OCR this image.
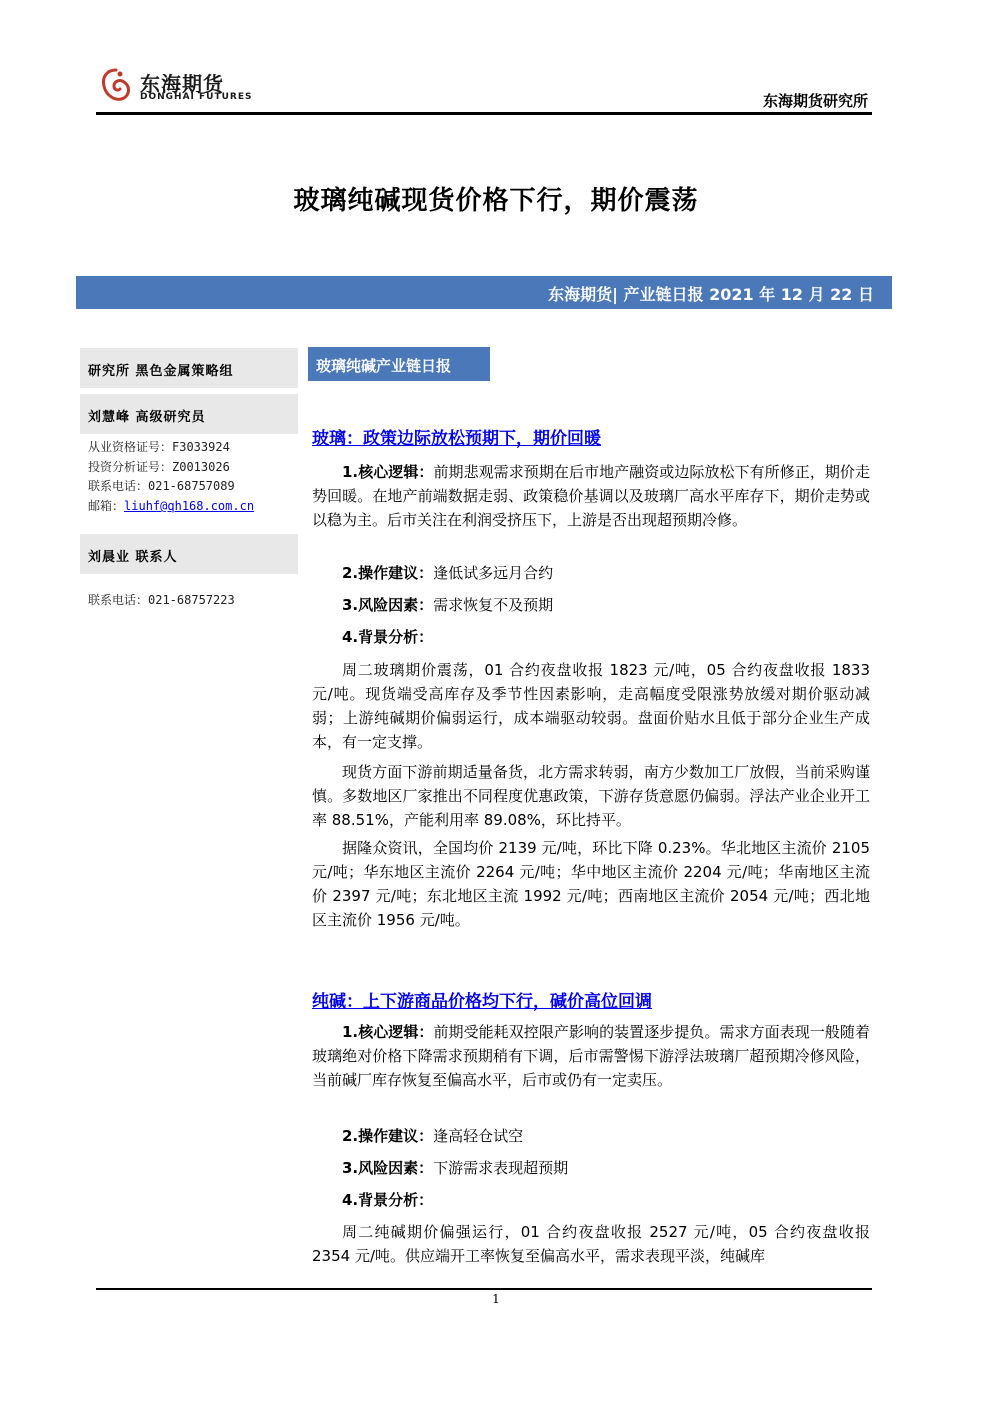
东海期货
DONGHAI FUTURES	东海期货研究所
玻璃纯碱现货价格下行，期价震荡
东海期货| 产业链日报 2021 年 12 月 22 日
研究所 黑色金属策略组
刘慧峰 高级研究员
从业资格证号：F3033924
投资分析证号：Z0013026
联系电话：021-68757089
邮箱：liuhf@qh168.com.cn
刘晨业 联系人
联系电话：021-68757223
玻璃纯碱产业链日报
玻璃：政策边际放松预期下，期价回暖
1.核心逻辑：前期悲观需求预期在后市地产融资或边际放松下有所修正，期价走势回暖。在地产前端数据走弱、政策稳价基调以及玻璃厂高水平库存下，期价走势或以稳为主。后市关注在利润受挤压下，上游是否出现超预期冷修。
2.操作建议：逢低试多远月合约
3.风险因素：需求恢复不及预期
4.背景分析：
周二玻璃期价震荡，01 合约夜盘收报 1823 元/吨，05 合约夜盘收报 1833 元/吨。现货端受高库存及季节性因素影响，走高幅度受限涨势放缓对期价驱动减弱；上游纯碱期价偏弱运行，成本端驱动较弱。盘面价贴水且低于部分企业生产成本，有一定支撑。
现货方面下游前期适量备货，北方需求转弱，南方少数加工厂放假，当前采购谨慎。多数地区厂家推出不同程度优惠政策，下游存货意愿仍偏弱。浮法产业企业开工率 88.51%，产能利用率 89.08%，环比持平。
据隆众资讯，全国均价 2139 元/吨，环比下降 0.23%。华北地区主流价 2105 元/吨；华东地区主流价 2264 元/吨；华中地区主流价 2204 元/吨；华南地区主流价 2397 元/吨；东北地区主流 1992 元/吨；西南地区主流价 2054 元/吨；西北地区主流价 1956 元/吨。
纯碱：上下游商品价格均下行，碱价高位回调
1.核心逻辑：前期受能耗双控限产影响的装置逐步提负。需求方面表现一般随着玻璃绝对价格下降需求预期稍有下调，后市需警惕下游浮法玻璃厂超预期冷修风险，当前碱厂库存恢复至偏高水平，后市或仍有一定卖压。
2.操作建议：逢高轻仓试空
3.风险因素：下游需求表现超预期
4.背景分析：
周二纯碱期价偏强运行，01 合约夜盘收报 2527 元/吨，05 合约夜盘收报 2354 元/吨。供应端开工率恢复至偏高水平，需求表现平淡，纯碱库
1
